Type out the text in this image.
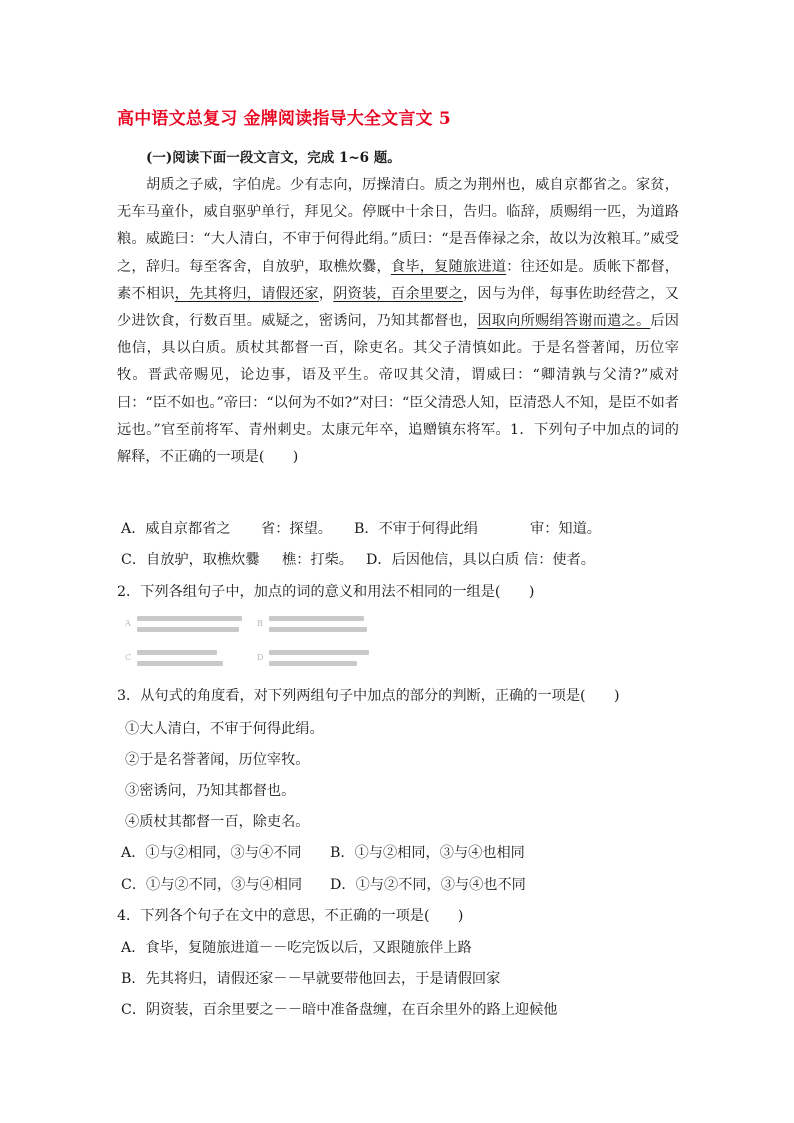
高中语文总复习 金牌阅读指导大全文言文 5
(一)阅读下面一段文言文，完成 1~6 题。

胡质之子威，字伯虎。少有志向，厉操清白。质之为荆州也，威自京都省之。家贫，无车马童仆，威自驱驴单行，拜见父。停厩中十余日，告归。临辞，质赐绢一匹，为道路粮。威跪曰：“大人清白，不审于何得此绢。”质曰：“是吾俸禄之余，故以为汝粮耳。”威受之，辞归。每至客舍，自放驴，取樵炊爨，食毕，复随旅进道：往还如是。质帐下都督，素不相识，先其将归，请假还家，阴资装，百余里要之，因与为伴，每事佐助经营之，又少进饮食，行数百里。威疑之，密诱问，乃知其都督也，因取向所赐绢答谢而遣之。后因他信，具以白质。质杖其都督一百，除吏名。其父子清慎如此。于是名誉著闻，历位宰牧。晋武帝赐见，论边事，语及平生。帝叹其父清，谓威曰：“卿清孰与父清?”威对曰：“臣不如也。”帝曰：“以何为不如?”对曰：“臣父清恐人知，臣清恐人不知，是臣不如者远也。”官至前将军、青州刺史。太康元年卒，追赠镇东将军。1．下列句子中加点的词的解释，不正确的一项是(　　)

A．威自京都省之 省：探望。 B．不审于何得此绢	审：知道。
C．自放驴，取樵炊爨 樵：打柴。 D．后因他信，具以白质 信：使者。
2．下列各组句子中，加点的词的意义和用法不相同的一组是(　　)
A	B
C	D
3．从句式的角度看，对下列两组句子中加点的部分的判断，正确的一项是(　　)
①大人清白，不审于何得此绢。
②于是名誉著闻，历位宰牧。
③密诱问，乃知其都督也。
④质杖其都督一百，除吏名。
A．①与②相同，③与④不同 B．①与②相同，③与④也相同
C．①与②不同，③与④相同 D．①与②不同，③与④也不同
4．下列各个句子在文中的意思，不正确的一项是(　　)
A．食毕，复随旅进道－－吃完饭以后，又跟随旅伴上路
B．先其将归，请假还家－－早就要带他回去，于是请假回家
C．阴资装，百余里要之－－暗中准备盘缠，在百余里外的路上迎候他
